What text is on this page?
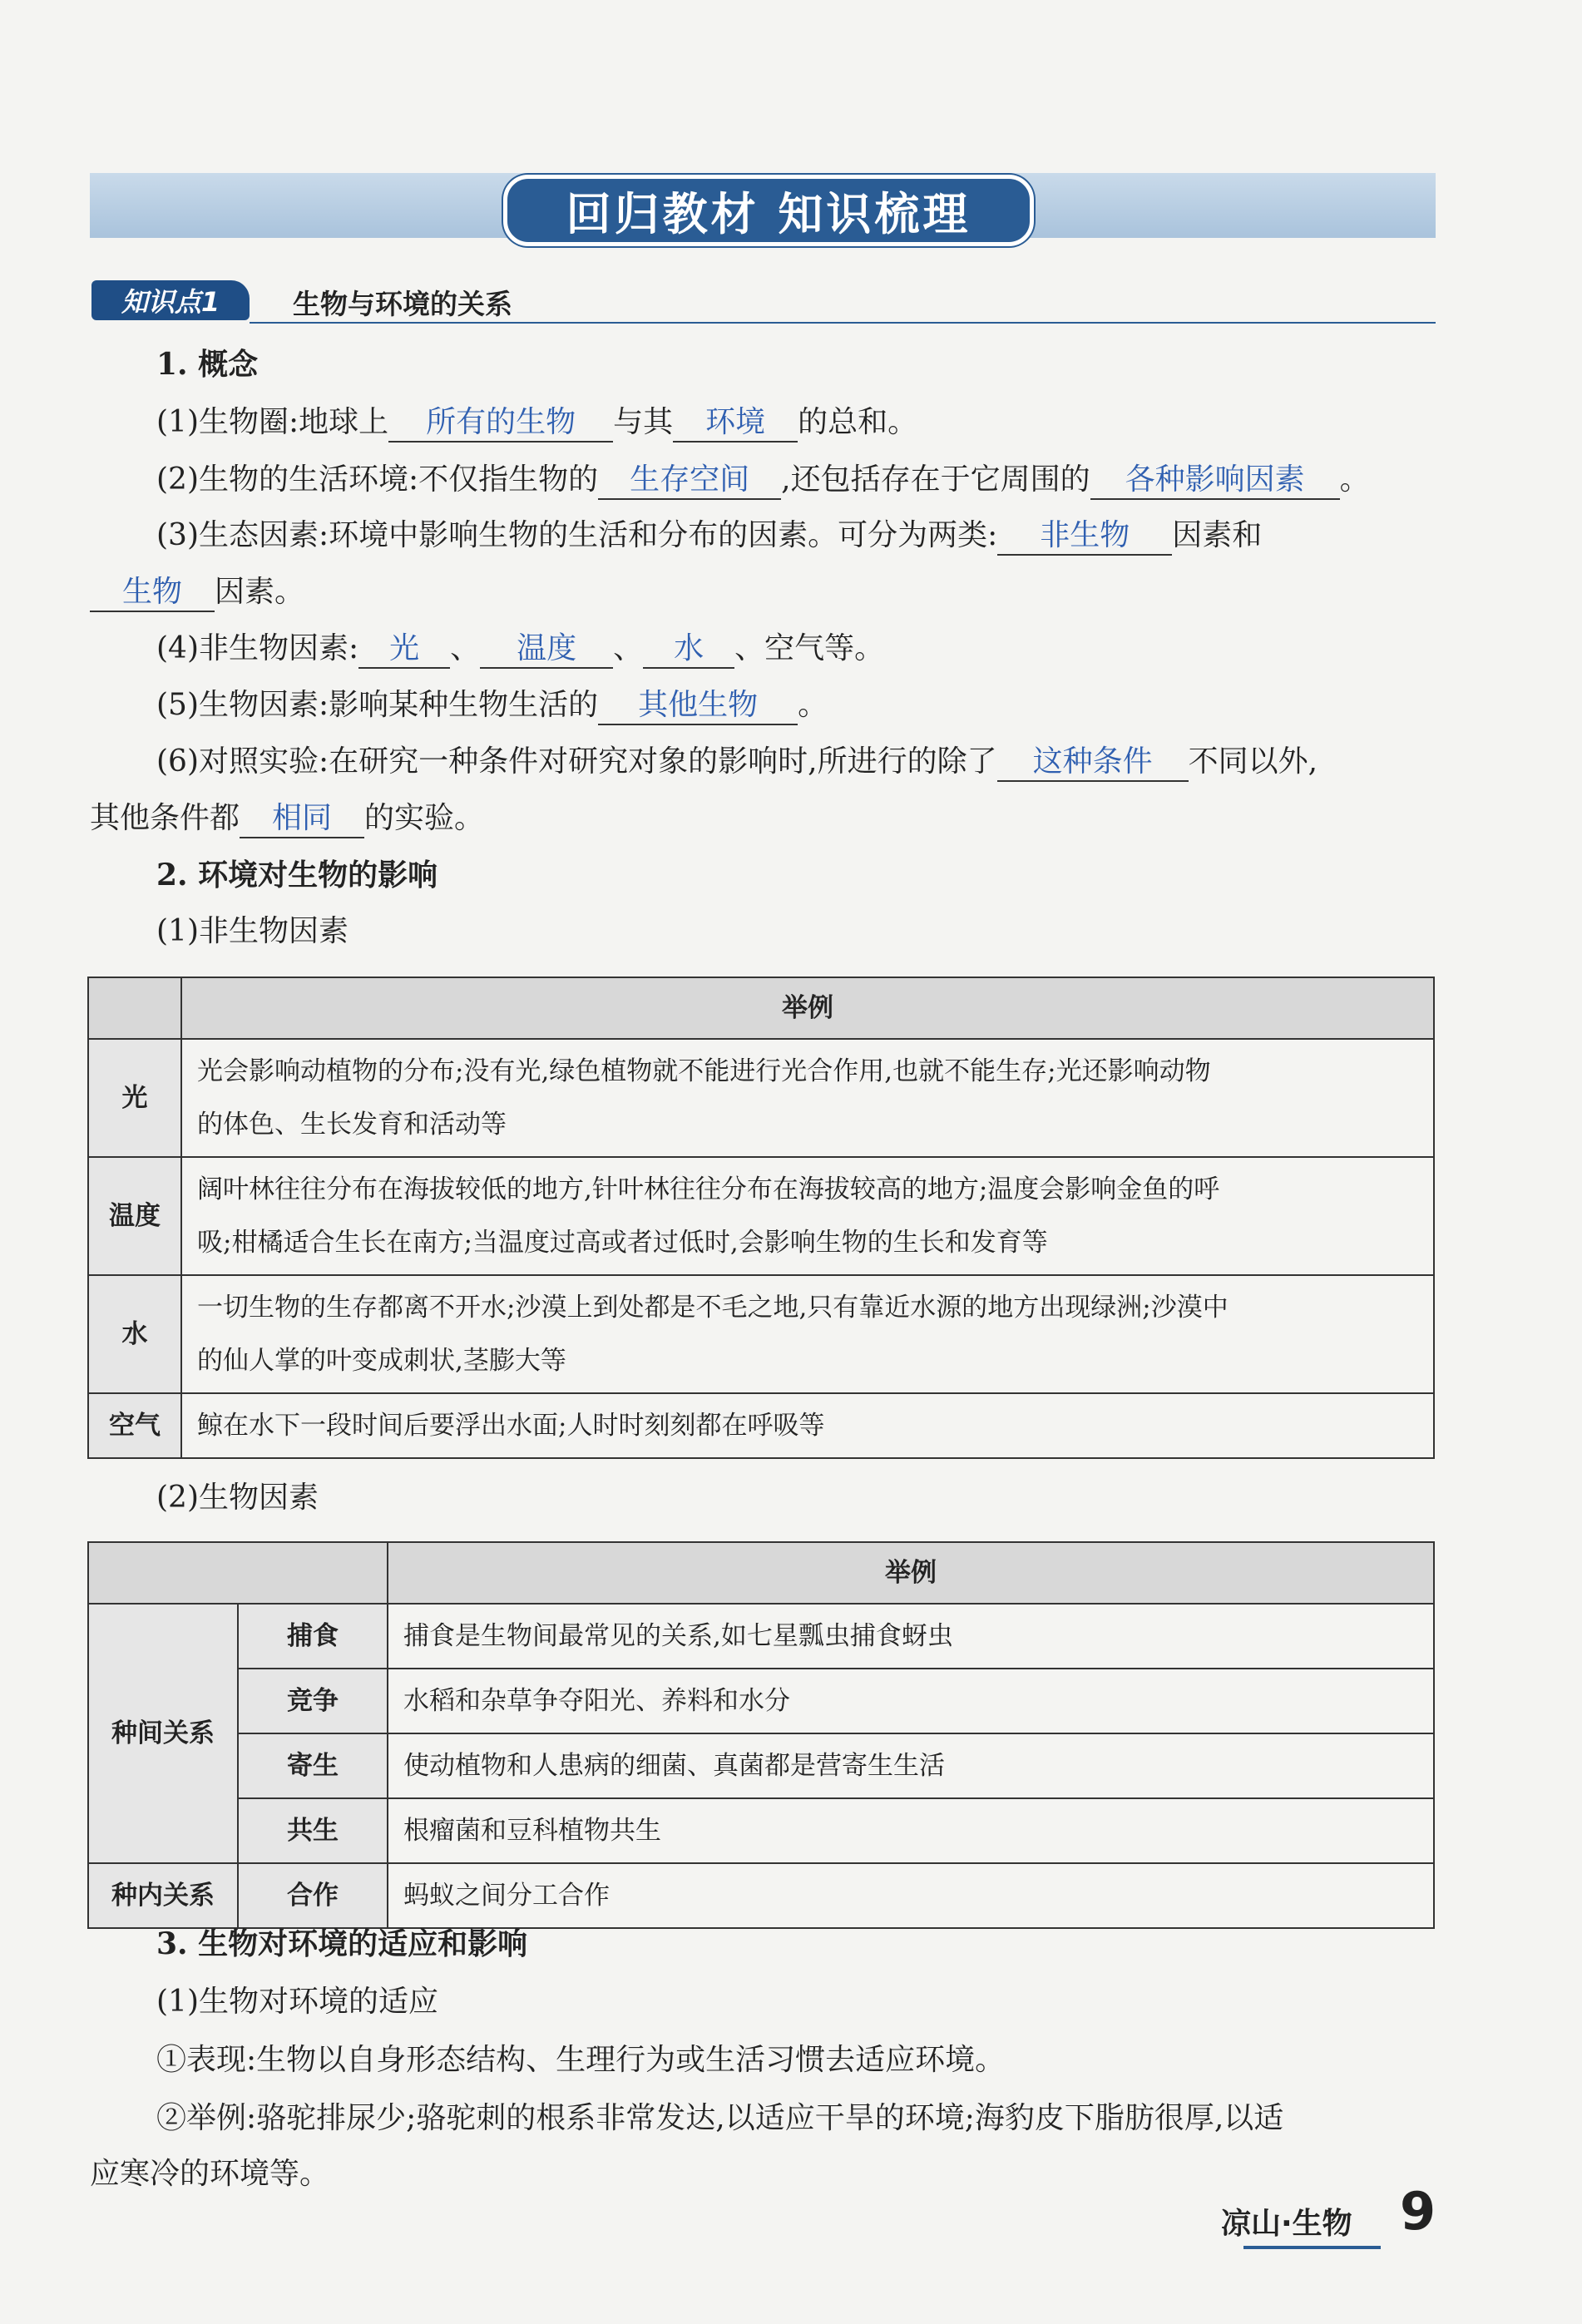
回归教材 知识梳理
知识点1	生物与环境的关系
1. 概念
(1)生物圈:地球上 所有的生物 与其 环境 的总和。
(2)生物的生活环境:不仅指生物的 生存空间 ,还包括存在于它周围的 各种影响因素 。
(3)生态因素:环境中影响生物的生活和分布的因素。可分为两类: 非生物 因素和
生物 因素。
(4)非生物因素: 光 、 温度 、 水 、空气等。
(5)生物因素:影响某种生物生活的 其他生物 。
(6)对照实验:在研究一种条件对研究对象的影响时,所进行的除了 这种条件 不同以外,
其他条件都 相同 的实验。
2. 环境对生物的影响
(1)非生物因素
	举例
光	光会影响动植物的分布;没有光,绿色植物就不能进行光合作用,也就不能生存;光还影响动物
的体色、生长发育和活动等

温度	阔叶林往往分布在海拔较低的地方,针叶林往往分布在海拔较高的地方;温度会影响金鱼的呼
吸;柑橘适合生长在南方;当温度过高或者过低时,会影响生物的生长和发育等

水	一切生物的生存都离不开水;沙漠上到处都是不毛之地,只有靠近水源的地方出现绿洲;沙漠中
的仙人掌的叶变成刺状,茎膨大等

空气	鲸在水下一段时间后要浮出水面;人时时刻刻都在呼吸等
(2)生物因素
		举例
种间关系	捕食	捕食是生物间最常见的关系,如七星瓢虫捕食蚜虫
	竞争	水稻和杂草争夺阳光、养料和水分
	寄生	使动植物和人患病的细菌、真菌都是营寄生生活
	共生	根瘤菌和豆科植物共生
种内关系	合作	蚂蚁之间分工合作
3. 生物对环境的适应和影响
(1)生物对环境的适应
①表现:生物以自身形态结构、生理行为或生活习惯去适应环境。
②举例:骆驼排尿少;骆驼刺的根系非常发达,以适应干旱的环境;海豹皮下脂肪很厚,以适
应寒冷的环境等。
凉山·生物 9
